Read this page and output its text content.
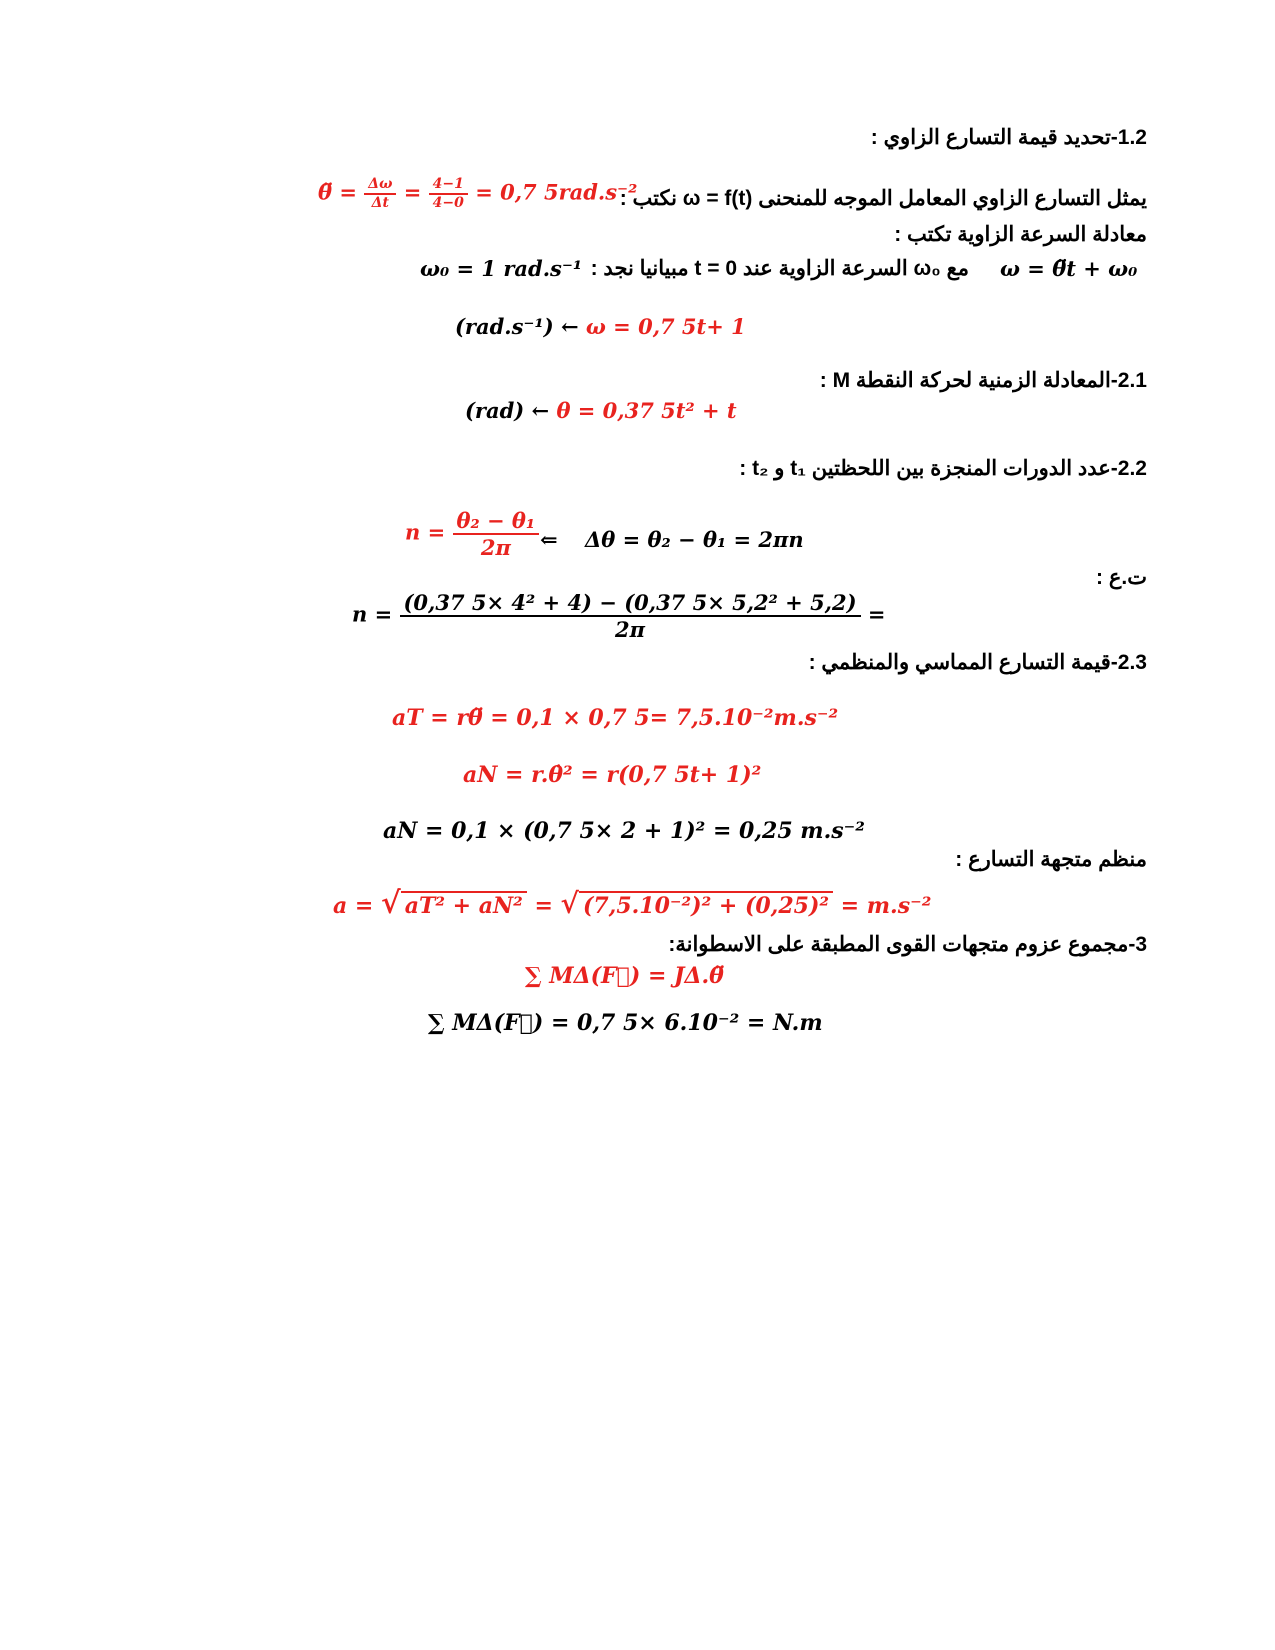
1.2-تحديد قيمة التسارع الزاوي :
يمثل التسارع الزاوي المعامل الموجه للمنحنى ω = f(t) نكتب :
θ̈ = $\frac{\Delta\omega}{\Delta t} = \frac{4-1}{4-0} = 0,7$ 5rad.s⁻²
معادلة السرعة الزاوية تكتب :
ω = θ̈t + ω₀
مع ω₀ السرعة الزاوية عند t = 0 مبيانيا نجد :
ω₀ = 1 rad.s⁻¹
(rad.s⁻¹) ← ω = 0,7 5t+ 1
2.1-المعادلة الزمنية لحركة النقطة M :
(rad) ← θ = 0,37 5t² + t
2.2-عدد الدورات المنجزة بين اللحظتين t₁ و t₂ :
$n = \frac{\text{θ₂ − θ₁}}{2\pi}$ ⇐ Δθ = θ₂ − θ₁ = 2πn
ت.ع :
$n = \frac{\text{(0,37 5× 4² + 4) − (0,37 5× 5,2² + 5,2)}}{2\pi}$ =
2.3-قيمة التسارع المماسي والمنظمي :
aT = rθ̈ = 0,1 × 0,7 5= 7,5.10⁻²m.s⁻²
aN = r.θ̇² = r(0,7 5t+ 1)²
aN = 0,1 × (0,7 5× 2 + 1)² = 0,25 m.s⁻²
منظم متجهة التسارع :
a = √ aT² + aN² = √ (7,5.10⁻²)² + (0,25)² = m.s⁻²
3-مجموع عزوم متجهات القوى المطبقة على الاسطوانة:
∑ MΔ(F⃗) = JΔ.θ̈
∑ MΔ(F⃗) = 0,7 5× 6.10⁻² = N.m
